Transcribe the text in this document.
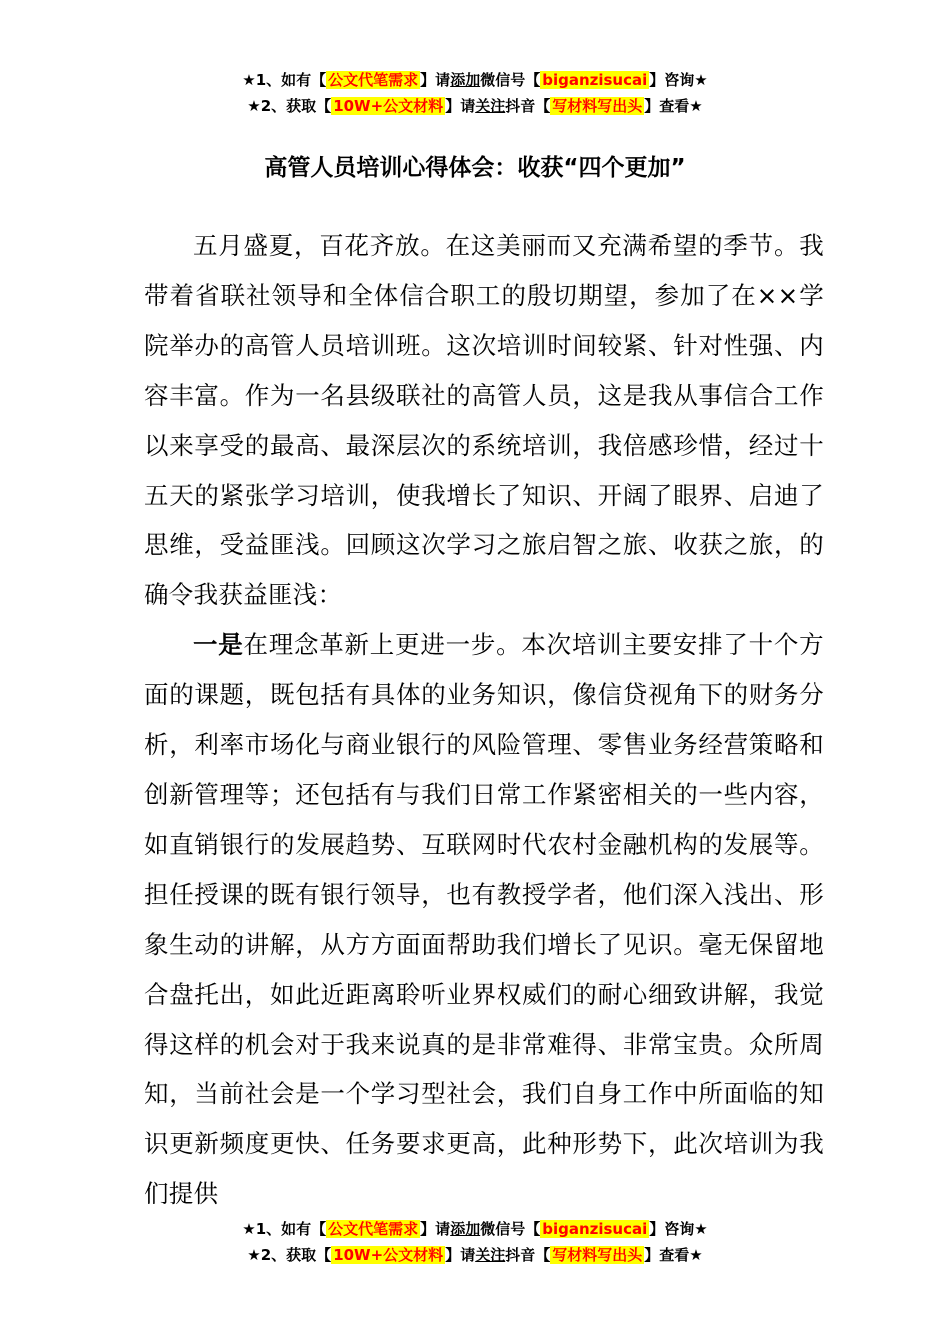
★1、如有【 公文代笔需求 】请添加微信号【 biganzisucai 】咨询★
★2、获取【 10W+公文材料 】请关注抖音【 写材料写出头 】查看★
高管人员培训心得体会：收获“四个更加”

五月盛夏，百花齐放。在这美丽而又充满希望的季节。我带着省联社领导和全体信合职工的殷切期望，参加了在××学院举办的高管人员培训班。这次培训时间较紧、针对性强、内容丰富。作为一名县级联社的高管人员，这是我从事信合工作以来享受的最高、最深层次的系统培训，我倍感珍惜，经过十五天的紧张学习培训，使我增长了知识、开阔了眼界、启迪了思维，受益匪浅。回顾这次学习之旅启智之旅、收获之旅，的确令我获益匪浅：

一是在理念革新上更进一步。本次培训主要安排了十个方面的课题，既包括有具体的业务知识，像信贷视角下的财务分析，利率市场化与商业银行的风险管理、零售业务经营策略和创新管理等；还包括有与我们日常工作紧密相关的一些内容，如直销银行的发展趋势、互联网时代农村金融机构的发展等。担任授课的既有银行领导，也有教授学者，他们深入浅出、形象生动的讲解，从方方面面帮助我们增长了见识。毫无保留地合盘托出，如此近距离聆听业界权威们的耐心细致讲解，我觉得这样的机会对于我来说真的是非常难得、非常宝贵。众所周知，当前社会是一个学习型社会，我们自身工作中所面临的知识更新频度更快、任务要求更高，此种形势下，此次培训为我们提供

★1、如有【 公文代笔需求 】请添加微信号【 biganzisucai 】咨询★
★2、获取【 10W+公文材料 】请关注抖音【 写材料写出头 】查看★
